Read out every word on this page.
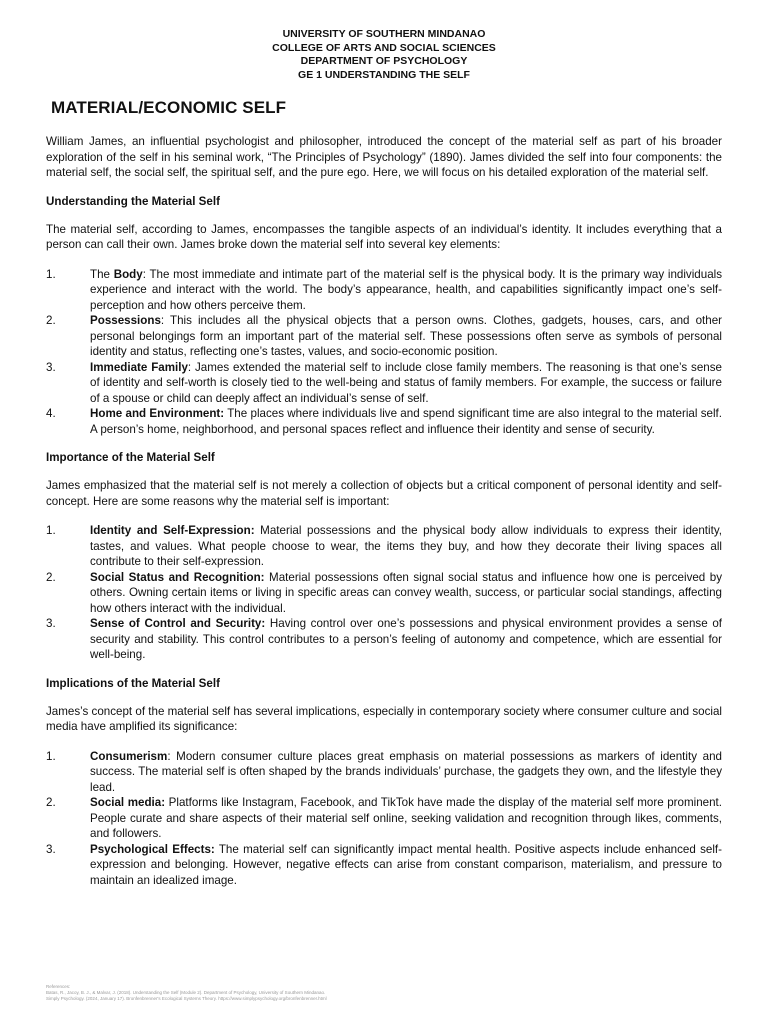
UNIVERSITY OF SOUTHERN MINDANAO
COLLEGE OF ARTS AND SOCIAL SCIENCES
DEPARTMENT OF PSYCHOLOGY
GE 1 UNDERSTANDING THE SELF
MATERIAL/ECONOMIC SELF

William James, an influential psychologist and philosopher, introduced the concept of the material self as part of his broader exploration of the self in his seminal work, “The Principles of Psychology” (1890). James divided the self into four components: the material self, the social self, the spiritual self, and the pure ego. Here, we will focus on his detailed exploration of the material self.

Understanding the Material Self

The material self, according to James, encompasses the tangible aspects of an individual’s identity. It includes everything that a person can call their own. James broke down the material self into several key elements:

1.	The Body: The most immediate and intimate part of the material self is the physical body. It is the primary way individuals experience and interact with the world. The body’s appearance, health, and capabilities significantly impact one’s self-perception and how others perceive them.
2.	Possessions: This includes all the physical objects that a person owns. Clothes, gadgets, houses, cars, and other personal belongings form an important part of the material self. These possessions often serve as symbols of personal identity and status, reflecting one’s tastes, values, and socio-economic position.
3.	Immediate Family: James extended the material self to include close family members. The reasoning is that one’s sense of identity and self-worth is closely tied to the well-being and status of family members. For example, the success or failure of a spouse or child can deeply affect an individual’s sense of self.
4.	Home and Environment: The places where individuals live and spend significant time are also integral to the material self. A person’s home, neighborhood, and personal spaces reflect and influence their identity and sense of security.
Importance of the Material Self

James emphasized that the material self is not merely a collection of objects but a critical component of personal identity and self-concept. Here are some reasons why the material self is important:

1.	Identity and Self-Expression: Material possessions and the physical body allow individuals to express their identity, tastes, and values. What people choose to wear, the items they buy, and how they decorate their living spaces all contribute to their self-expression.
2.	Social Status and Recognition: Material possessions often signal social status and influence how one is perceived by others. Owning certain items or living in specific areas can convey wealth, success, or particular social standings, affecting how others interact with the individual.
3.	Sense of Control and Security: Having control over one’s possessions and physical environment provides a sense of security and stability. This control contributes to a person’s feeling of autonomy and competence, which are essential for well-being.
Implications of the Material Self

James’s concept of the material self has several implications, especially in contemporary society where consumer culture and social media have amplified its significance:

1.	Consumerism: Modern consumer culture places great emphasis on material possessions as markers of identity and success. The material self is often shaped by the brands individuals’ purchase, the gadgets they own, and the lifestyle they lead.
2.	Social media: Platforms like Instagram, Facebook, and TikTok have made the display of the material self more prominent. People curate and share aspects of their material self online, seeking validation and recognition through likes, comments, and followers.
3.	Psychological Effects: The material self can significantly impact mental health. Positive aspects include enhanced self-expression and belonging. However, negative effects can arise from constant comparison, materialism, and pressure to maintain an idealized image.
References:
Batas, R., Jacoy, B. J., & Malvar, J. (2018). Understanding the Self (Module 2). Department of Psychology, University of Southern Mindanao.
Simply Psychology. (2024, January 17). Bronfenbrenner's Ecological Systems Theory. https://www.simplypsychology.org/bronfenbrenner.html
